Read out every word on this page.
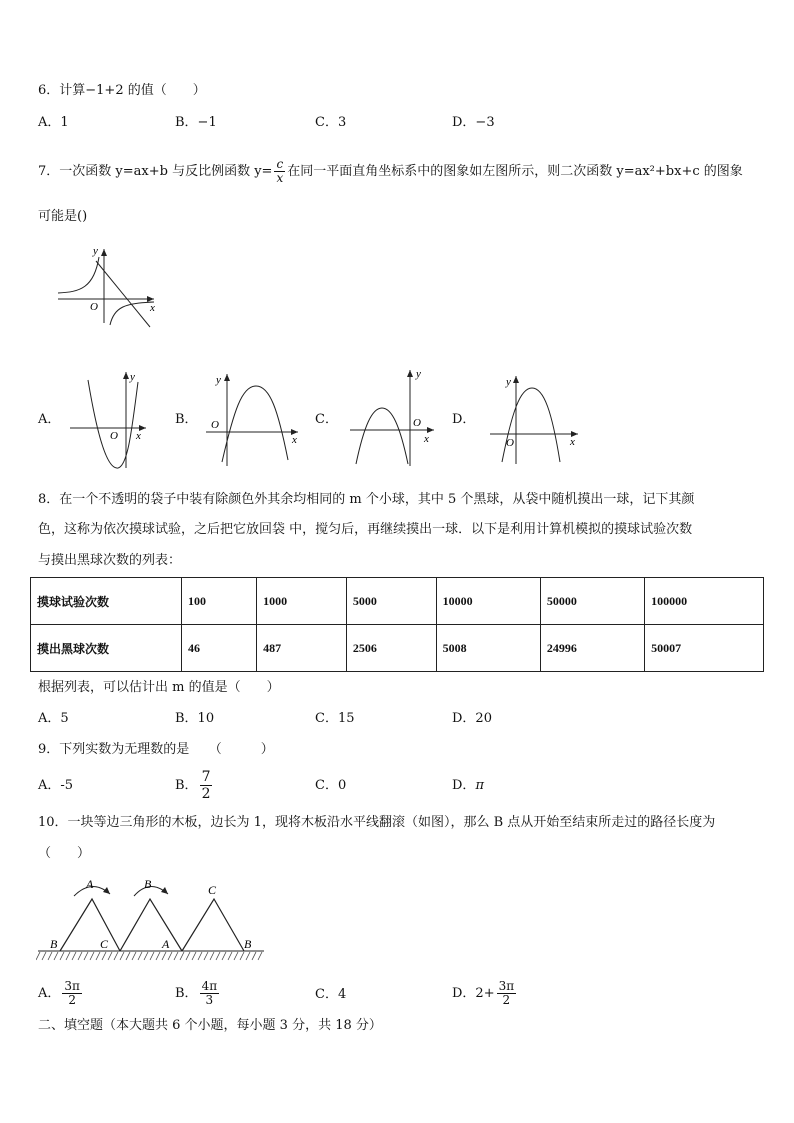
6．计算−1+2 的值（　　）
A．1	B．−1	C．3	D．−3
7．一次函数 y=ax+b 与反比例函数 $y= \frac{c}{x}$ 在同一平面直角坐标系中的图象如左图所示，则二次函数 y=ax²+bx+c 的图象
可能是()
y
x
O
A．
y
x
O
B．
y
x
O	C．
y
x
O D．
y
x
O
8．在一个不透明的袋子中装有除颜色外其余均相同的 m 个小球，其中 5 个黑球，从袋中随机摸出一球，记下其颜
色，这称为依次摸球试验，之后把它放回袋 中，搅匀后，再继续摸出一球．以下是利用计算机模拟的摸球试验次数
与摸出黑球次数的列表：
摸球试验次数	100	1000	5000	10000	50000	100000
摸出黑球次数	46	487	2506	5008	24996	50007
根据列表，可以估计出 m 的值是（　　）
A．5	B．10	C．15	D．20
9．下列实数为无理数的是　　（　　　）
A．-5	B． $\frac{7}{2}$	C．0	D．π
10．一块等边三角形的木板，边长为 1，现将木板沿水平线翻滚（如图），那么 B 点从开始至结束所走过的路径长度为
（　　）
A	B	C
B	C	A	B
A． $\frac{3\pi}{2}$	B． $\frac{4\pi}{3}$	C．4	D．$2+ \frac{3\pi}{2}$
二、填空题（本大题共 6 个小题，每小题 3 分，共 18 分）
